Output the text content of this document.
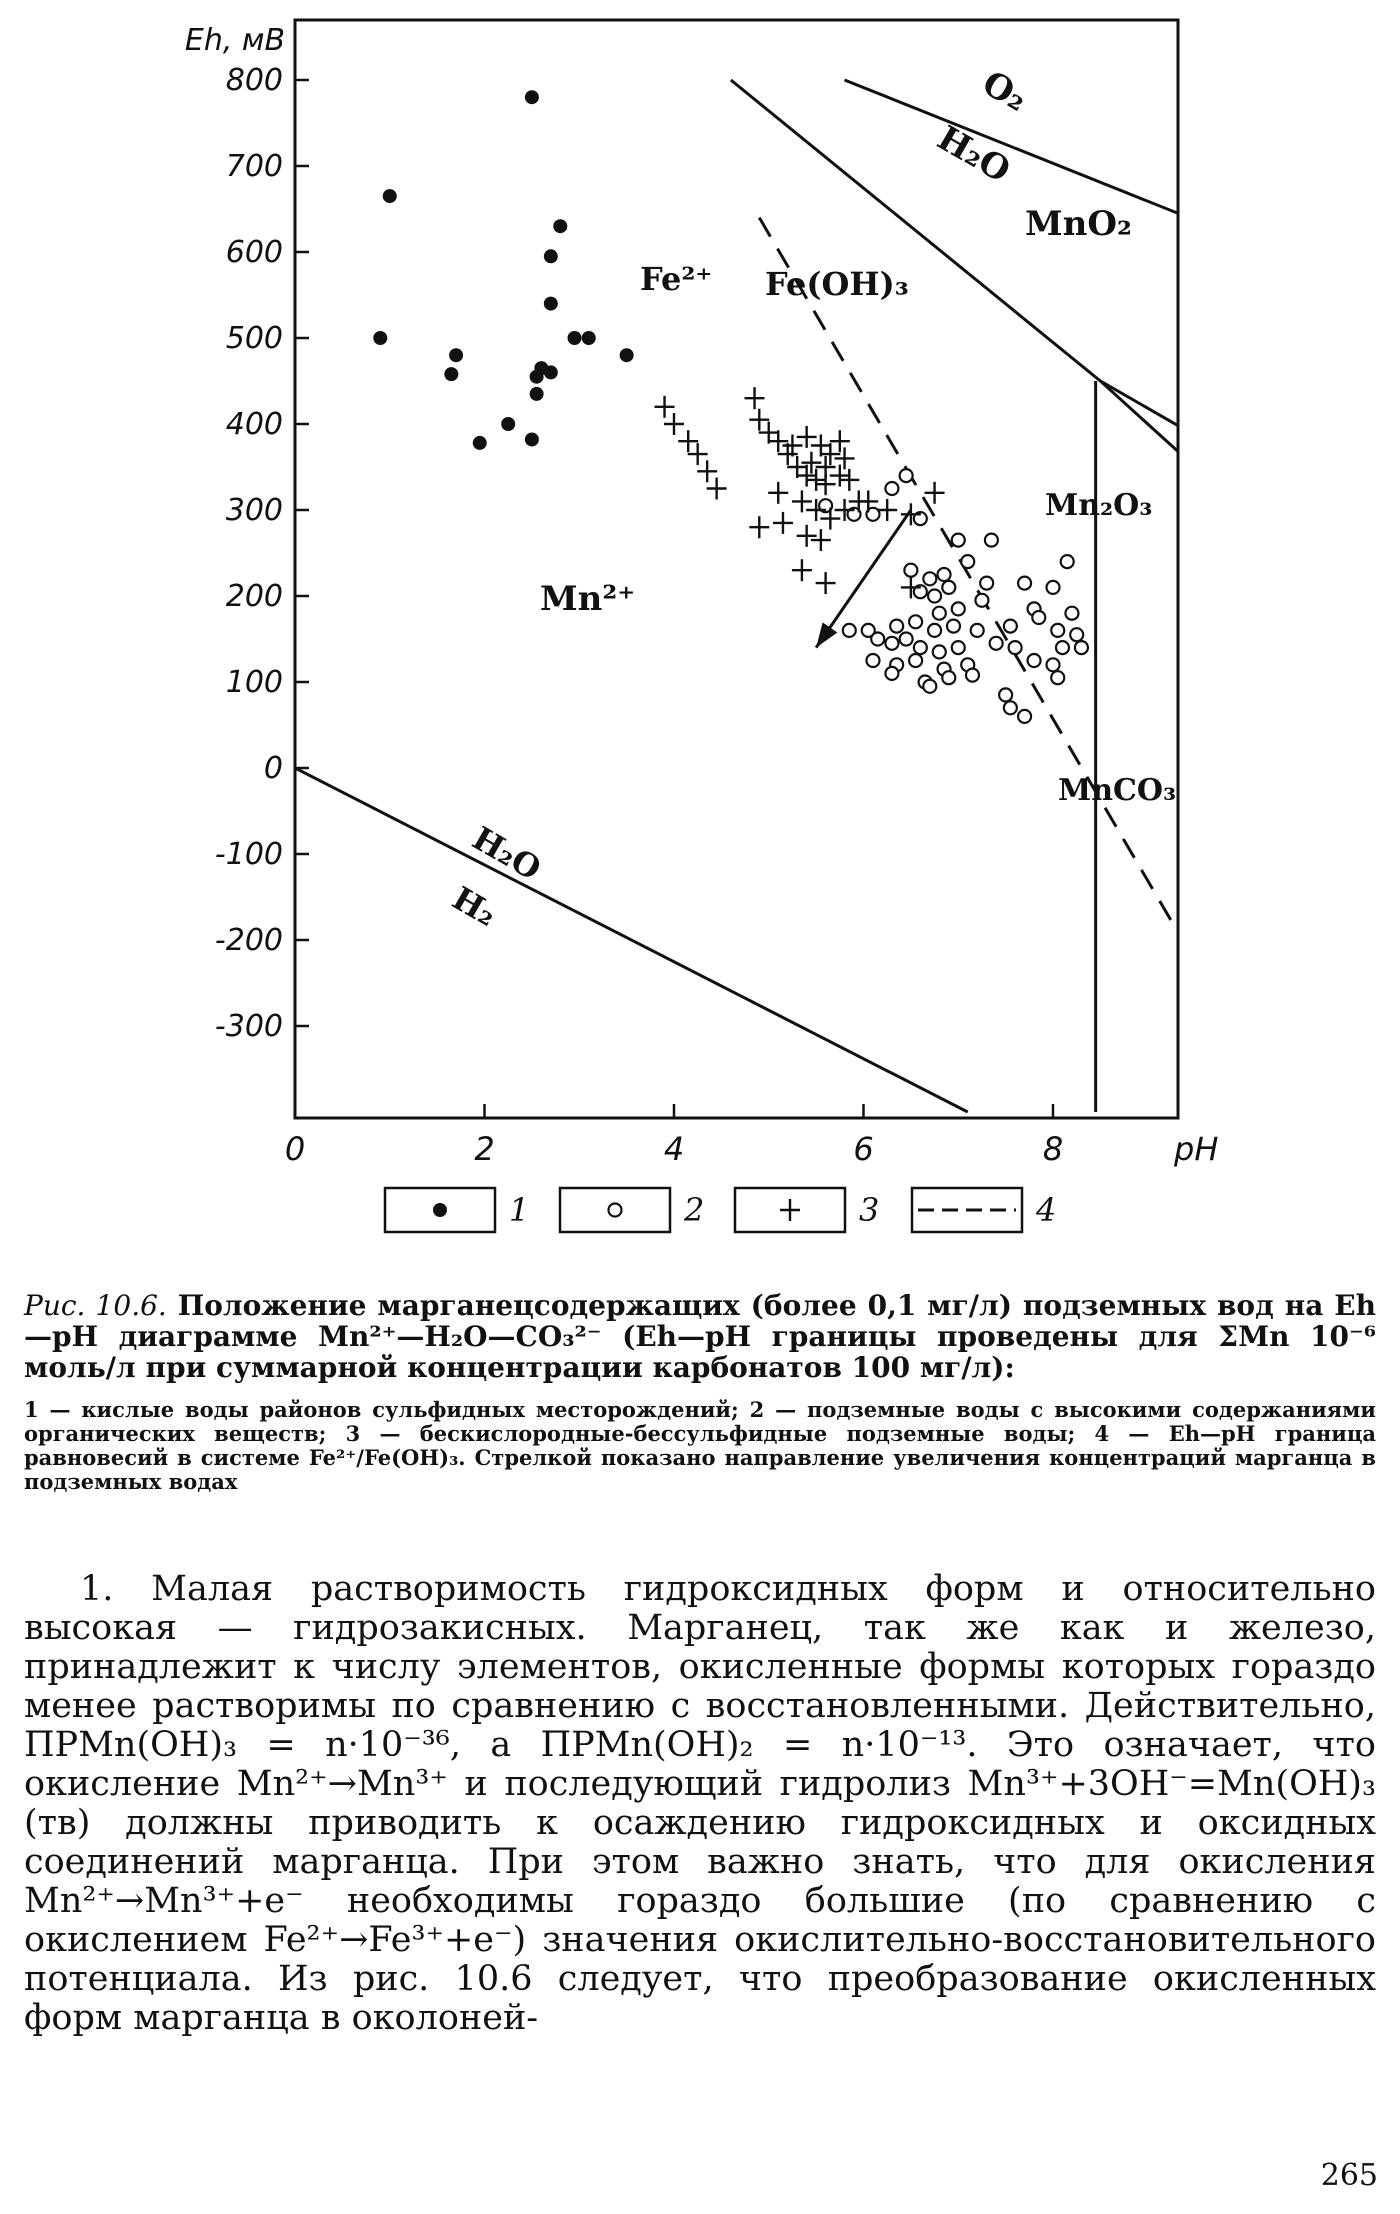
800
700
600
500
400
300
200
100
0
-100
-200
-300
0	2	4	6	8
Eh, мВ
pH
O₂
H₂O
MnO₂
Fe²⁺ Fe(OH)₃
Mn²⁺
Mn₂O₃
MnCO₃
H₂O
H₂
1	2	3	4
Рис. 10.6. Положение марганецсодержащих (более 0,1 мг/л) подземных вод на Eh—pH диаграмме Mn²⁺—H₂O—CO₃²⁻ (Eh—pH границы проведены для ΣMn 10⁻⁶ моль/л при суммарной концентрации карбонатов 100 мг/л):
1 — кислые воды районов сульфидных месторождений; 2 — подземные воды с высокими содержаниями органических веществ; 3 — бескислородные-бессульфидные подземные воды; 4 — Eh—pH граница равновесий в системе Fe²⁺/Fe(OH)₃. Стрелкой показано направление увеличения концентраций марганца в подземных водах

1. Малая растворимость гидроксидных форм и относительно высокая — гидрозакисных. Марганец, так же как и железо, принадлежит к числу элементов, окисленные формы которых гораздо менее растворимы по сравнению с восстановленными. Действительно, ПРMn(OH)₃ = n·10⁻³⁶, а ПРMn(OH)₂ = n·10⁻¹³. Это означает, что окисление Mn²⁺→Mn³⁺ и последующий гидролиз Mn³⁺+3OH⁻=Mn(OH)₃ (тв) должны приводить к осаждению гидроксидных и оксидных соединений марганца. При этом важно знать, что для окисления Mn²⁺→Mn³⁺+e⁻ необходимы гораздо большие (по сравнению с окислением Fe²⁺→Fe³⁺+e⁻) значения окислительно-восстановительного потенциала. Из рис. 10.6 следует, что преобразование окисленных форм марганца в околоней-

265
